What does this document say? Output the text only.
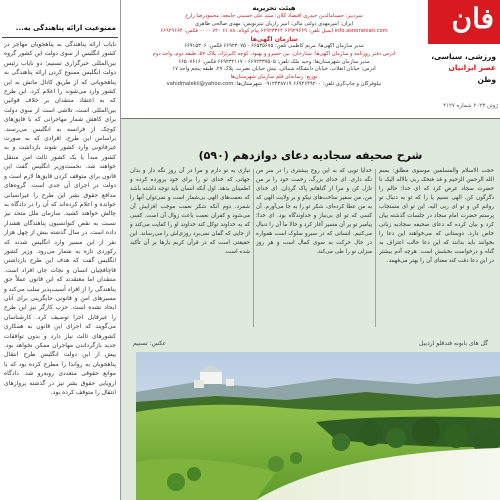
ممنوعیت ارائه پناهندگی به...
نایاب ارائه پناهندگی به پناهجویان مهاجر در کشور انگلیس از سوی دولت این کشور گروه بین‌المللی خبرگزاری تسنیم؛ دو نایاب رئیس دولت انگلیس ممنوع کردن ارائه پناهندگی به پناهجویانی که از طریق کانال مانش به این کشور وارد می‌شوند را اعلام کرد. این طرح که به اعتقاد منتقدان بر خلاف قوانین بین‌المللی است، تلاشی است از سوی دولت برای کاهش شمار مهاجرانی که با قایق‌های کوچک از فرانسه به انگلیس می‌رسند. براساس این طرح، افرادی که به صورت غیرقانونی وارد کشور شوند بازداشت و به کشور مبدأ یا یک کشور ثالث امن منتقل خواهند شد. نخست‌وزیر انگلیس گفت این قانون برای متوقف کردن قایق‌ها لازم است و دولت در اجرای آن جدی است. گروه‌های مدافع حقوق بشر این طرح را غیرانسانی خوانده و اعلام کرده‌اند که آن را در دادگاه به چالش خواهند کشید. سازمان ملل متحد نیز نسبت به نقض کنوانسیون پناهندگان هشدار داده است. در سال گذشته بیش از چهل هزار نفر از این مسیر وارد انگلیس شدند که رکوردی تازه به شمار می‌رود. وزیر کشور انگلیس گفت که هدف این طرح بازداشتن قاچاقچیان انسان و نجات جان افراد است. منتقدان اما معتقدند که این قانون عملاً حق پناهندگی را از افراد آسیب‌پذیر سلب می‌کند و مسیرهای امن و قانونی جایگزینی برای آنان ایجاد نشده است. حزب کارگر نیز این طرح را غیرقابل اجرا توصیف کرد. کارشناسان می‌گویند که اجرای این قانون به همکاری کشورهای ثالث نیاز دارد و بدون توافقات جدید بازگرداندن مهاجران ممکن نخواهد بود. پیش از این دولت انگلیس طرح انتقال پناهجویان به رواندا را مطرح کرده بود که با موانع حقوقی متعددی روبه‌رو شد. دادگاه اروپایی حقوق بشر نیز در گذشته پروازهای انتقال را متوقف کرده بود.
فان
ورزشی، سیاسی،
عصر ایرانیان
وطن
ژوئن ۲۰۲۳ شماره ۴۱۲۷
هیئت تحریریه
سردبیر: حسنامالدین حیدری اقتصاد کلان: سید علی حسینی جامعه: محمودرضا زارع
ایران: امیرمهدی دولتی مالی: امیر رازیان تیترنویس: مهدی صالحی طاهری
info.asreiranian.com ایمیل تلفن: ۶۶۹۲۹۶۶۹ ۶۶۹۲۳۳۶۴ پیام کوتاه: ۸۸ ۶۱ ۷۲۰ ۰۰۰۰ فکس: ۶۶۹۲۹۶۶۴
سازمان آگهی‌ها
مدیر سازمان آگهی‌ها: مریم کاظمی تلفن: ۶۶۵۴۵۶۷۵ - ۶۶۹۲۳۰۷۵ فکس: ۶۶۹۱۵۳۰۶
آدرس دفتر روزنامه و سازمان آگهی‌ها: ستارخان، بین خسرو و بهنود، کوچه اکبرنژاد، پلاک ۵۷، طبقه دوم، واحد دوم
مدیر سازمان شهرستان‌ها: وحید ملک تلفن: ۶۶۹۲۳۳۷۵۰۵ - ۶۶۹۲۳۲۱۱۷ فکس: ۶۶۵۰۷۶۱۶
آدرس: خیابان انقلاب، خیابان دانشگاه شمالی، نبش خیابان نصرت، پلاک ۲۷، طبقه پنجم واحد ۱۷
توزیع: رسانه‌ای قلم سازمان شهرستان‌ها
نیلوفرگان و چاپ‌گری تلفن: ۶۶۹۲۶۴۹۲۰۰ ۰۹۱۲۴۳۸۷۱۹ شهرستان‌ها: vahidmalekii@yahoo.com
شرح صحیفه سجادیه دعای دوازدهم (۵۹۰)
حجت الاسلام والمسلمین موسوی مطلق: بسم الله الرحمن الرحیم و قد فتحک ربی بالاله الیک تا حضرت سجاد عرض کرد که ای خدا؛ حالم را دگرگون کن. الهی نسیم یا را که تو به دنبال تو روانم کن و تو ای ربی الیه. این تو ای مستجاب پرستم حضرت امام سجاد در جلسات گذشته بیان کرد و بیان کرده که دعای صحیفه سجادیه زبانی خاص دارد. دوستانی که می‌خواهند این دعا را بخوانند باید بدانند که این دعا حالت اعتراف به گناه و درخواست بخشش است. هرچه آدم بیشتر در این دعا دقت کند معنای آن را بهتر می‌فهمد.
خدایا تویی که به این روح بیشتری را در سر من نگه داری. ای خدای بزرگ، رحمت خود را بر من نازل کن و مرا از گناهانم پاک گردان. ای خدای من، من سفیر ساخت‌های نیکو و بر ولایت الهی که به من عطا کرده‌ای، شکر تو را به جا می‌آورم. آن کسی که تو ای بی‌نیاز و خداوندگاه بود. ای خدا؛ پیامبر تو بر آن مسیر آغاز کرد و حالا ما آن را دنبال می‌کنیم. انسانی که در سیرو سلوک است همواره در حال حرکت به سوی کمال است و هر روز منزلی نو را طی می‌کند.
نیازی به تو دارم و مرا در آن روز نگه دار و بدان جهانی که خدای تو را برای خود پرورده کرده و اطمینان بدهد. اول آنکه انسان باید توجه داشته باشد که نعمت‌های الهی بی‌شمار است و نمی‌توان آنها را شمرد. دوم آنکه شکر نعمت موجب افزایش آن می‌شود و کفران نعمت باعث زوال آن است. کسی که به خداوند توکل کند خداوند او را کفایت می‌کند و از جایی که گمان نمی‌برد روزی‌اش را می‌رساند. این حقیقتی است که در قرآن کریم بارها بر آن تأکید شده است.
گل های بابونه فندقلو اردبیل
عکس: تسنیم
